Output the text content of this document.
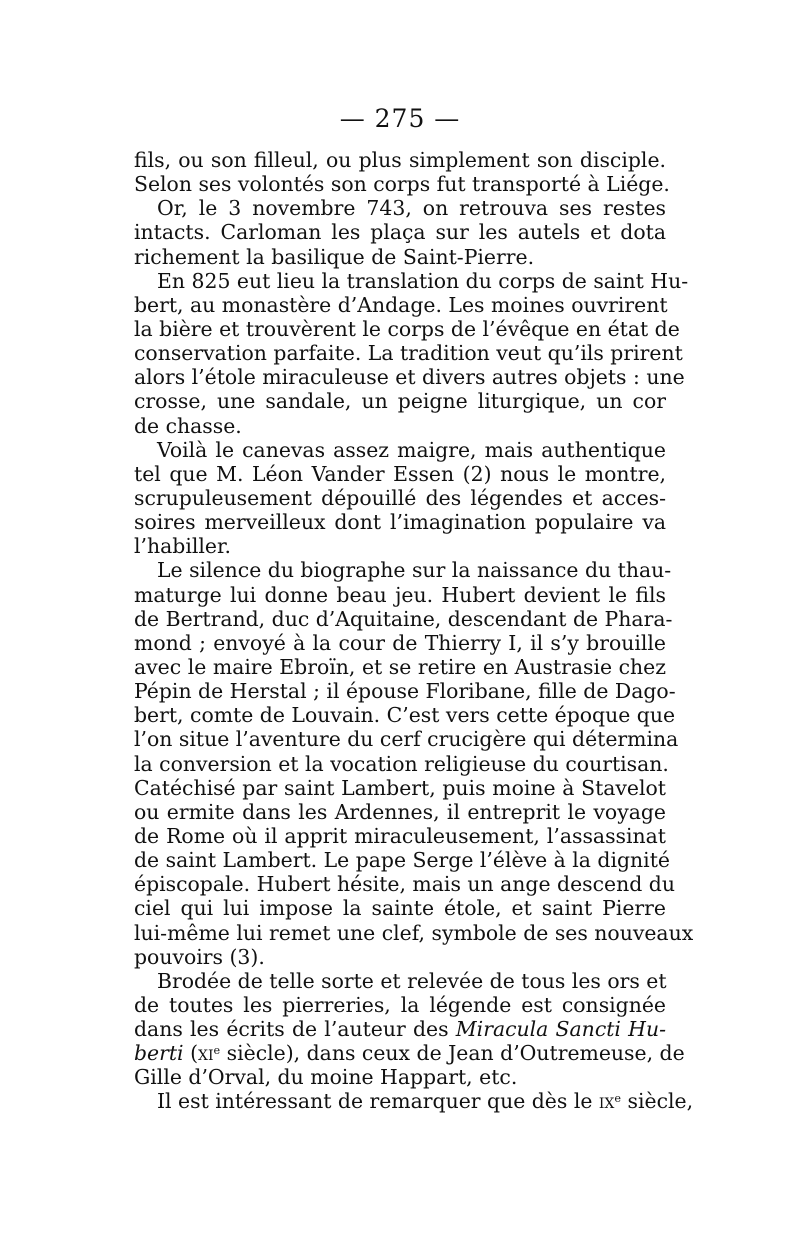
— 275 —
fils, ou son filleul, ou plus simplement son disciple.
Selon ses volontés son corps fut transporté à Liége.
Or, le 3 novembre 743, on retrouva ses restes
intacts. Carloman les plaça sur les autels et dota
richement la basilique de Saint-Pierre.
En 825 eut lieu la translation du corps de saint Hu-
bert, au monastère d’Andage. Les moines ouvrirent
la bière et trouvèrent le corps de l’évêque en état de
conservation parfaite. La tradition veut qu’ils prirent
alors l’étole miraculeuse et divers autres objets : une
crosse, une sandale, un peigne liturgique, un cor
de chasse.
Voilà le canevas assez maigre, mais authentique
tel que M. Léon Vander Essen (2) nous le montre,
scrupuleusement dépouillé des légendes et acces-
soires merveilleux dont l’imagination populaire va
l’habiller.
Le silence du biographe sur la naissance du thau-
maturge lui donne beau jeu. Hubert devient le fils
de Bertrand, duc d’Aquitaine, descendant de Phara-
mond ; envoyé à la cour de Thierry I, il s’y brouille
avec le maire Ebroïn, et se retire en Austrasie chez
Pépin de Herstal ; il épouse Floribane, fille de Dago-
bert, comte de Louvain. C’est vers cette époque que
l’on situe l’aventure du cerf crucigère qui détermina
la conversion et la vocation religieuse du courtisan.
Catéchisé par saint Lambert, puis moine à Stavelot
ou ermite dans les Ardennes, il entreprit le voyage
de Rome où il apprit miraculeusement, l’assassinat
de saint Lambert. Le pape Serge l’élève à la dignité
épiscopale. Hubert hésite, mais un ange descend du
ciel qui lui impose la sainte étole, et saint Pierre
lui-même lui remet une clef, symbole de ses nouveaux
pouvoirs (3).
Brodée de telle sorte et relevée de tous les ors et
de toutes les pierreries, la légende est consignée
dans les écrits de l’auteur des Miracula Sancti Hu-
berti ($xi^e$ siècle), dans ceux de Jean d’Outremeuse, de
Gille d’Orval, du moine Happart, etc.
Il est intéressant de remarquer que dès le $ix^e$ siècle,
